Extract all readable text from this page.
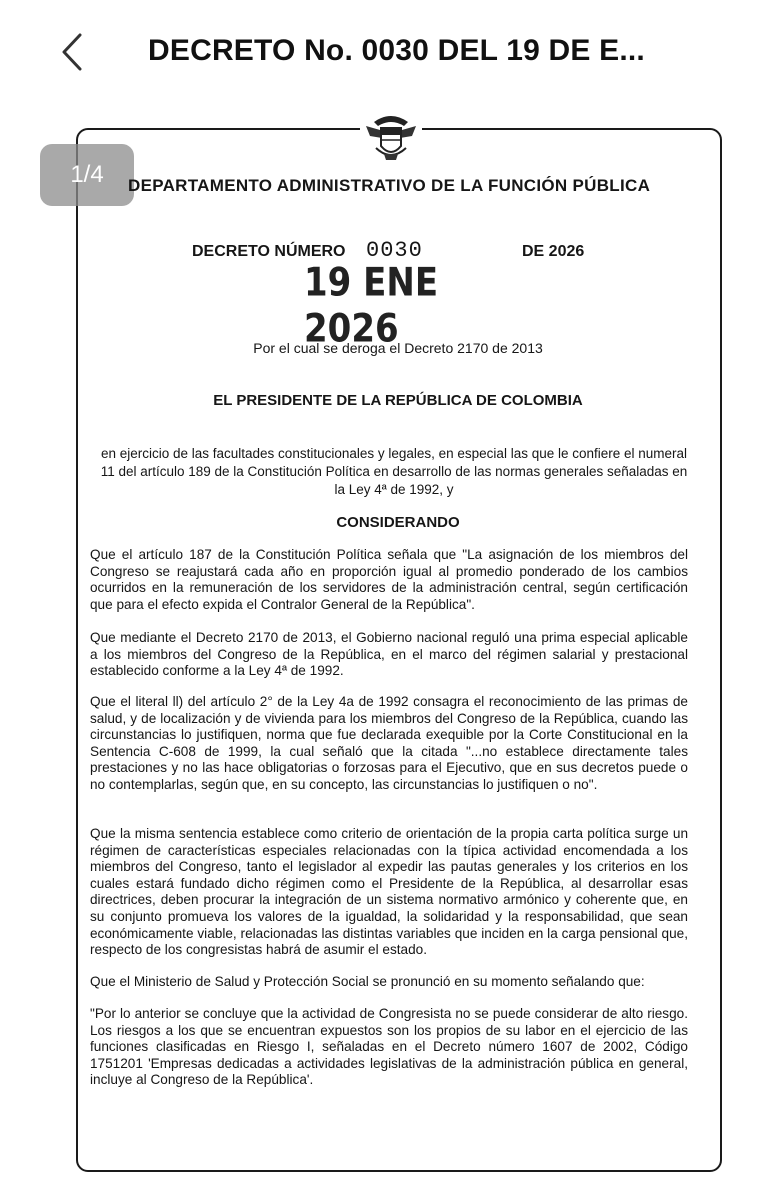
DECRETO No. 0030 DEL 19 DE E...
1/4	DEPARTAMENTO ADMINISTRATIVO DE LA FUNCIÓN PÚBLICA
DECRETO NÚMERO 0030	DE 2026
19 ENE 2026
Por el cual se deroga el Decreto 2170 de 2013
EL PRESIDENTE DE LA REPÚBLICA DE COLOMBIA
en ejercicio de las facultades constitucionales y legales, en especial las que le confiere el numeral 11 del artículo 189 de la Constitución Política en desarrollo de las normas generales señaladas en la Ley 4ª de 1992, y
CONSIDERANDO
Que el artículo 187 de la Constitución Política señala que "La asignación de los miembros del Congreso se reajustará cada año en proporción igual al promedio ponderado de los cambios ocurridos en la remuneración de los servidores de la administración central, según certificación que para el efecto expida el Contralor General de la República".
Que mediante el Decreto 2170 de 2013, el Gobierno nacional reguló una prima especial aplicable a los miembros del Congreso de la República, en el marco del régimen salarial y prestacional establecido conforme a la Ley 4ª de 1992.
Que el literal ll) del artículo 2° de la Ley 4a de 1992 consagra el reconocimiento de las primas de salud, y de localización y de vivienda para los miembros del Congreso de la República, cuando las circunstancias lo justifiquen, norma que fue declarada exequible por la Corte Constitucional en la Sentencia C-608 de 1999, la cual señaló que la citada "...no establece directamente tales prestaciones y no las hace obligatorias o forzosas para el Ejecutivo, que en sus decretos puede o no contemplarlas, según que, en su concepto, las circunstancias lo justifiquen o no".
Que la misma sentencia establece como criterio de orientación de la propia carta política surge un régimen de características especiales relacionadas con la típica actividad encomendada a los miembros del Congreso, tanto el legislador al expedir las pautas generales y los criterios en los cuales estará fundado dicho régimen como el Presidente de la República, al desarrollar esas directrices, deben procurar la integración de un sistema normativo armónico y coherente que, en su conjunto promueva los valores de la igualdad, la solidaridad y la responsabilidad, que sean económicamente viable, relacionadas las distintas variables que inciden en la carga pensional que, respecto de los congresistas habrá de asumir el estado.
Que el Ministerio de Salud y Protección Social se pronunció en su momento señalando que:
"Por lo anterior se concluye que la actividad de Congresista no se puede considerar de alto riesgo. Los riesgos a los que se encuentran expuestos son los propios de su labor en el ejercicio de las funciones clasificadas en Riesgo I, señaladas en el Decreto número 1607 de 2002, Código 1751201 'Empresas dedicadas a actividades legislativas de la administración pública en general, incluye al Congreso de la República'.
